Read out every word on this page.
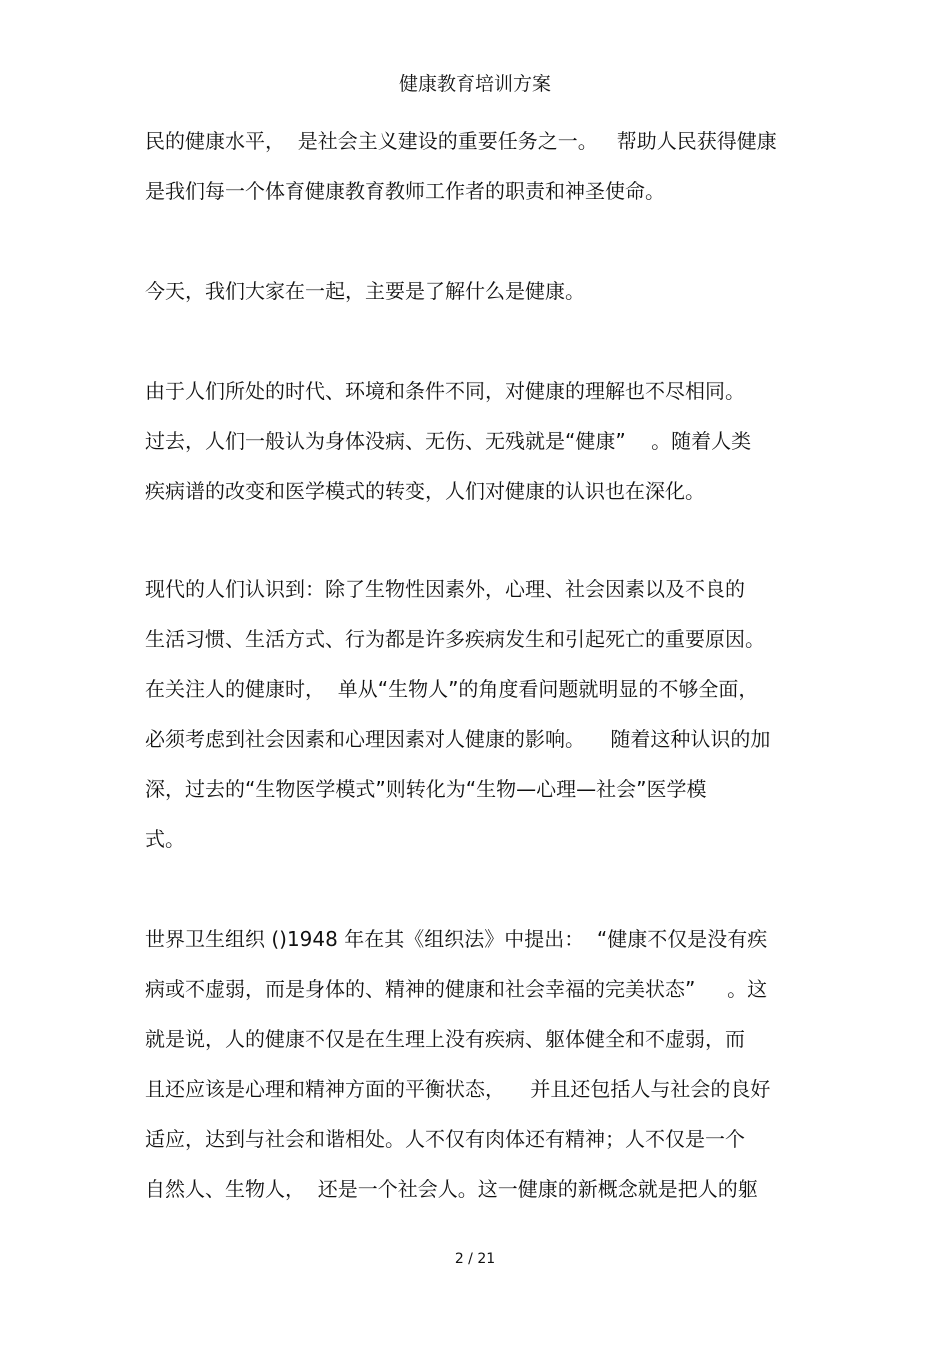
健康教育培训方案
民的健康水平，  是社会主义建设的重要任务之一。   帮助人民获得健康
是我们每一个体育健康教育教师工作者的职责和神圣使命。
今天，我们大家在一起，主要是了解什么是健康。
由于人们所处的时代、环境和条件不同，对健康的理解也不尽相同。
过去，人们一般认为身体没病、无伤、无残就是“健康”    。随着人类
疾病谱的改变和医学模式的转变，人们对健康的认识也在深化。
现代的人们认识到：除了生物性因素外，心理、社会因素以及不良的
生活习惯、生活方式、行为都是许多疾病发生和引起死亡的重要原因。
在关注人的健康时，  单从“生物人”的角度看问题就明显的不够全面，
必须考虑到社会因素和心理因素对人健康的影响。    随着这种认识的加
深，过去的“生物医学模式”则转化为“生物—心理—社会”医学模
式。
世界卫生组织 ()1948 年在其《组织法》中提出：  “健康不仅是没有疾
病或不虚弱，而是身体的、精神的健康和社会幸福的完美状态”     。这
就是说，人的健康不仅是在生理上没有疾病、躯体健全和不虚弱，而
且还应该是心理和精神方面的平衡状态，    并且还包括人与社会的良好
适应，达到与社会和谐相处。人不仅有肉体还有精神；人不仅是一个
自然人、生物人，  还是一个社会人。这一健康的新概念就是把人的躯
2 / 21
